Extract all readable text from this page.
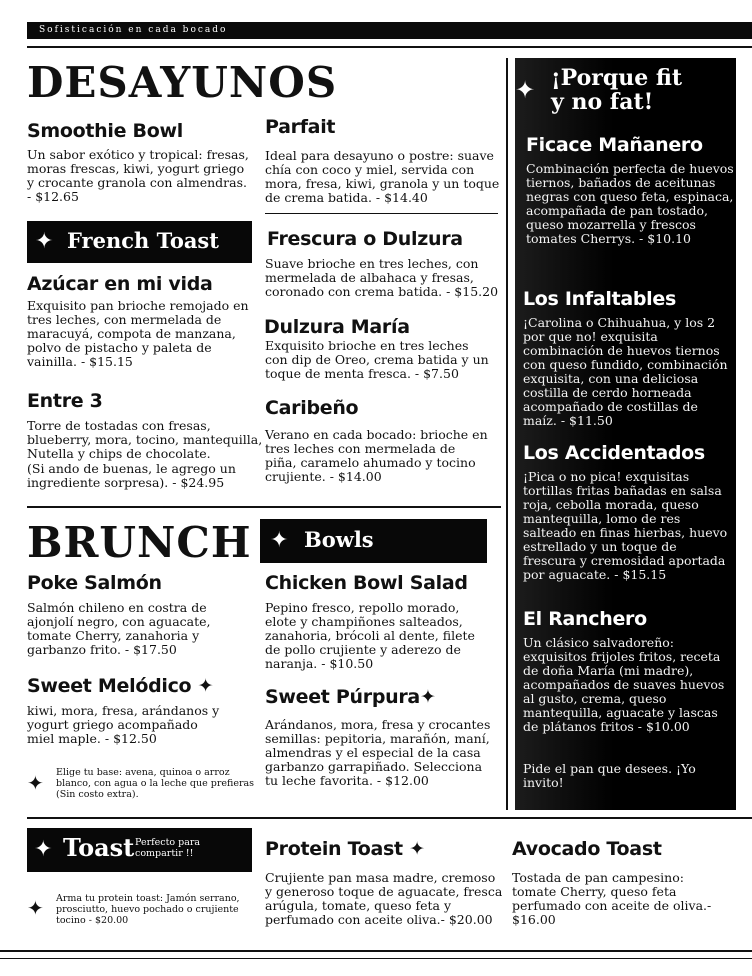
Sofisticación en cada bocado
DESAYUNOS
Smoothie Bowl
Un sabor exótico y tropical: fresas, moras frescas, kiwi, yogurt griego y crocante granola con almendras. - $12.65
Parfait
Ideal para desayuno o postre: suave chía con coco y miel, servida con mora, fresa, kiwi, granola y un toque de crema batida. - $14.40
✦ French Toast
Azúcar en mi vida
Exquisito pan brioche remojado en tres leches, con mermelada de maracuyá, compota de manzana, polvo de pistacho y paleta de vainilla. - $15.15
Entre 3
Torre de tostadas con fresas, blueberry, mora, tocino, mantequilla, Nutella y chips de chocolate.
(Si ando de buenas, le agrego un ingrediente sorpresa). - $24.95
Frescura o Dulzura
Suave brioche en tres leches, con mermelada de albahaca y fresas, coronado con crema batida. - $15.20
Dulzura María
Exquisito brioche en tres leches con dip de Oreo, crema batida y un toque de menta fresca. - $7.50
Caribeño
Verano en cada bocado: brioche en tres leches con mermelada de piña, caramelo ahumado y tocino crujiente. - $14.00
✦ ¡Porque fit
y no fat!
Ficace Mañanero
Combinación perfecta de huevos tiernos, bañados de aceitunas negras con queso feta, espinaca, acompañada de pan tostado, queso mozarrella y frescos tomates Cherrys. - $10.10
Los Infaltables
¡Carolina o Chihuahua, y los 2 por que no! exquisita combinación de huevos tiernos con queso fundido, combinación exquisita, con una deliciosa costilla de cerdo horneada acompañado de costillas de maíz. - $11.50
Los Accidentados
¡Pica o no pica! exquisitas tortillas fritas bañadas en salsa roja, cebolla morada, queso mantequilla, lomo de res salteado en finas hierbas, huevo estrellado y un toque de frescura y cremosidad aportada por aguacate. - $15.15
El Ranchero
Un clásico salvadoreño: exquisitos frijoles fritos, receta de doña María (mi madre), acompañados de suaves huevos al gusto, crema, queso mantequilla, aguacate y lascas de plátanos fritos - $10.00
Pide el pan que desees. ¡Yo invito!
BRUNCH ✦ Bowls
Poke Salmón
Salmón chileno en costra de ajonjolí negro, con aguacate, tomate Cherry, zanahoria y garbanzo frito. - $17.50
Sweet Melódico ✦
kiwi, mora, fresa, arándanos y yogurt griego acompañado miel maple. - $12.50
✦ Elige tu base: avena, quinoa o arroz blanco, con agua o la leche que prefieras (Sin costo extra).
Chicken Bowl Salad
Pepino fresco, repollo morado, elote y champiñones salteados, zanahoria, brócoli al dente, filete de pollo crujiente y aderezo de naranja. - $10.50
Sweet Púrpura✦
Arándanos, mora, fresa y crocantes semillas: pepitoria, marañón, maní, almendras y el especial de la casa garbanzo garrapiñado. Selecciona tu leche favorita. - $12.00
✦ Toast Perfecto para compartir !!
✦ Arma tu protein toast: Jamón serrano, prosciutto, huevo pochado o crujiente tocino - $20.00
Protein Toast ✦
Crujiente pan masa madre, cremoso y generoso toque de aguacate, fresca arúgula, tomate, queso feta y perfumado con aceite oliva.- $20.00
Avocado Toast
Tostada de pan campesino: tomate Cherry, queso feta perfumado con aceite de oliva.- $16.00
